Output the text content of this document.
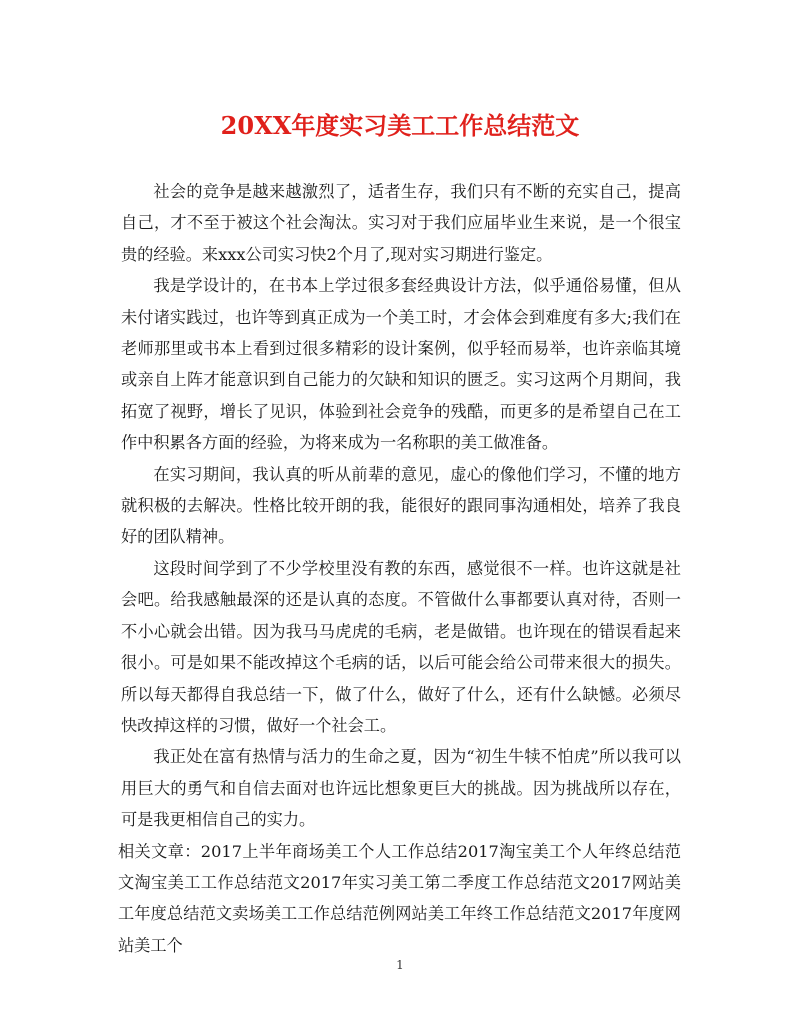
20XX年度实习美工工作总结范文

社会的竞争是越来越激烈了，适者生存，我们只有不断的充实自己，提高自己，才不至于被这个社会淘汰。实习对于我们应届毕业生来说，是一个很宝贵的经验。来xxx公司实习快2个月了,现对实习期进行鉴定。

我是学设计的，在书本上学过很多套经典设计方法，似乎通俗易懂，但从未付诸实践过，也许等到真正成为一个美工时，才会体会到难度有多大;我们在老师那里或书本上看到过很多精彩的设计案例，似乎轻而易举，也许亲临其境或亲自上阵才能意识到自己能力的欠缺和知识的匮乏。实习这两个月期间，我拓宽了视野，增长了见识，体验到社会竞争的残酷，而更多的是希望自己在工作中积累各方面的经验，为将来成为一名称职的美工做准备。

在实习期间，我认真的听从前辈的意见，虚心的像他们学习，不懂的地方就积极的去解决。性格比较开朗的我，能很好的跟同事沟通相处，培养了我良好的团队精神。

这段时间学到了不少学校里没有教的东西，感觉很不一样。也许这就是社会吧。给我感触最深的还是认真的态度。不管做什么事都要认真对待，否则一不小心就会出错。因为我马马虎虎的毛病，老是做错。也许现在的错误看起来很小。可是如果不能改掉这个毛病的话，以后可能会给公司带来很大的损失。所以每天都得自我总结一下，做了什么，做好了什么，还有什么缺憾。必须尽快改掉这样的习惯，做好一个社会工。

我正处在富有热情与活力的生命之夏，因为“初生牛犊不怕虎”所以我可以用巨大的勇气和自信去面对也许远比想象更巨大的挑战。因为挑战所以存在，可是我更相信自己的实力。

相关文章：2017上半年商场美工个人工作总结2017淘宝美工个人年终总结范文淘宝美工工作总结范文2017年实习美工第二季度工作总结范文2017网站美工年度总结范文卖场美工工作总结范例网站美工年终工作总结范文2017年度网站美工个

1
